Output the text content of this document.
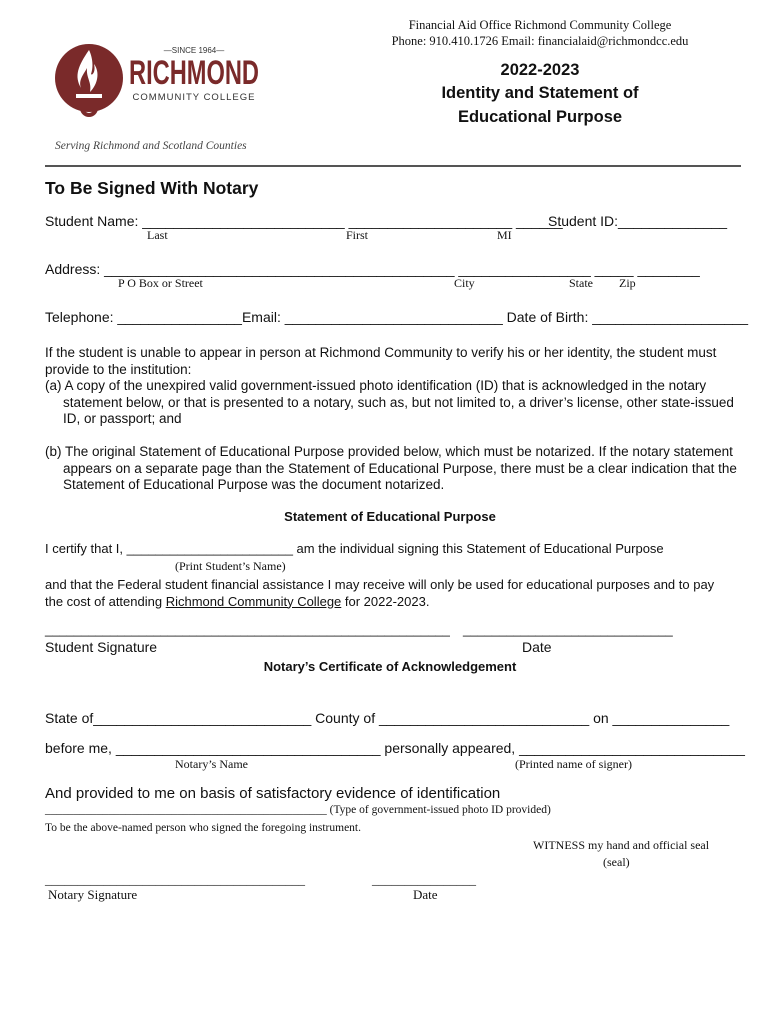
—SINCE 1964—
RICHMOND
COMMUNITY COLLEGE
Financial Aid Office Richmond Community College
Phone: 910.410.1726 Email: financialaid@richmondcc.edu
2022-2023
Identity and Statement of
Educational Purpose
Serving Richmond and Scotland Counties
To Be Signed With Notary
Student Name: __________________________ _____________________ ______
Student ID:______________
Last	First	MI
Address: _____________________________________________ _________________ _____ ________
P O Box or Street	City	State Zip
Telephone: ________________Email: ____________________________ Date of Birth: ____________________
If the student is unable to appear in person at Richmond Community to verify his or her identity, the student must provide to the institution:
(a) A copy of the unexpired valid government-issued photo identification (ID) that is acknowledged in the notary statement below, or that is presented to a notary, such as, but not limited to, a driver’s license, other state-issued ID, or passport; and
(b) The original Statement of Educational Purpose provided below, which must be notarized. If the notary statement appears on a separate page than the Statement of Educational Purpose, there must be a clear indication that the Statement of Educational Purpose was the document notarized.
Statement of Educational Purpose
I certify that I, _______________________ am the individual signing this Statement of Educational Purpose
(Print Student’s Name)
and that the Federal student financial assistance I may receive will only be used for educational purposes and to pay the cost of attending Richmond Community College for 2022-2023.
________________________________________________________ _____________________________
Student Signature	Date
Notary’s Certificate of Acknowledgement
State of____________________________ County of ___________________________ on _______________
before me, __________________________________ personally appeared, _____________________________
Notary’s Name	(Printed name of signer)
And provided to me on basis of satisfactory evidence of identification
_________________________________________________ (Type of government-issued photo ID provided)
To be the above-named person who signed the foregoing instrument.
WITNESS my hand and official seal
(seal)
________________________________________	________________
Notary Signature	Date
